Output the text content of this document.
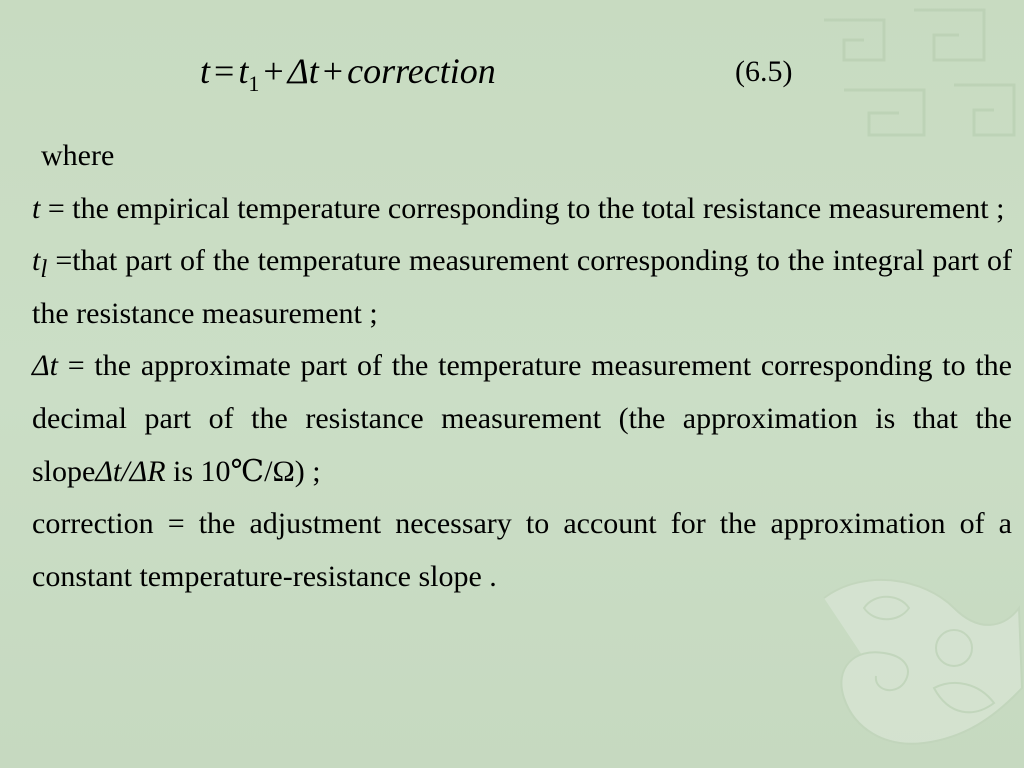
$t = t_1 + \Delta t$ + correction	(6.5)

where

t = the empirical temperature corresponding to the total resistance measurement ;

$t_l$ =that part of the temperature measurement corresponding to the integral part of the resistance measurement ;

Δt = the approximate part of the temperature measurement corresponding to the decimal part of the resistance measurement (the approximation is that the slopeΔt/ΔR is 10℃/Ω) ;

correction = the adjustment necessary to account for the approximation of a constant temperature-resistance slope .
